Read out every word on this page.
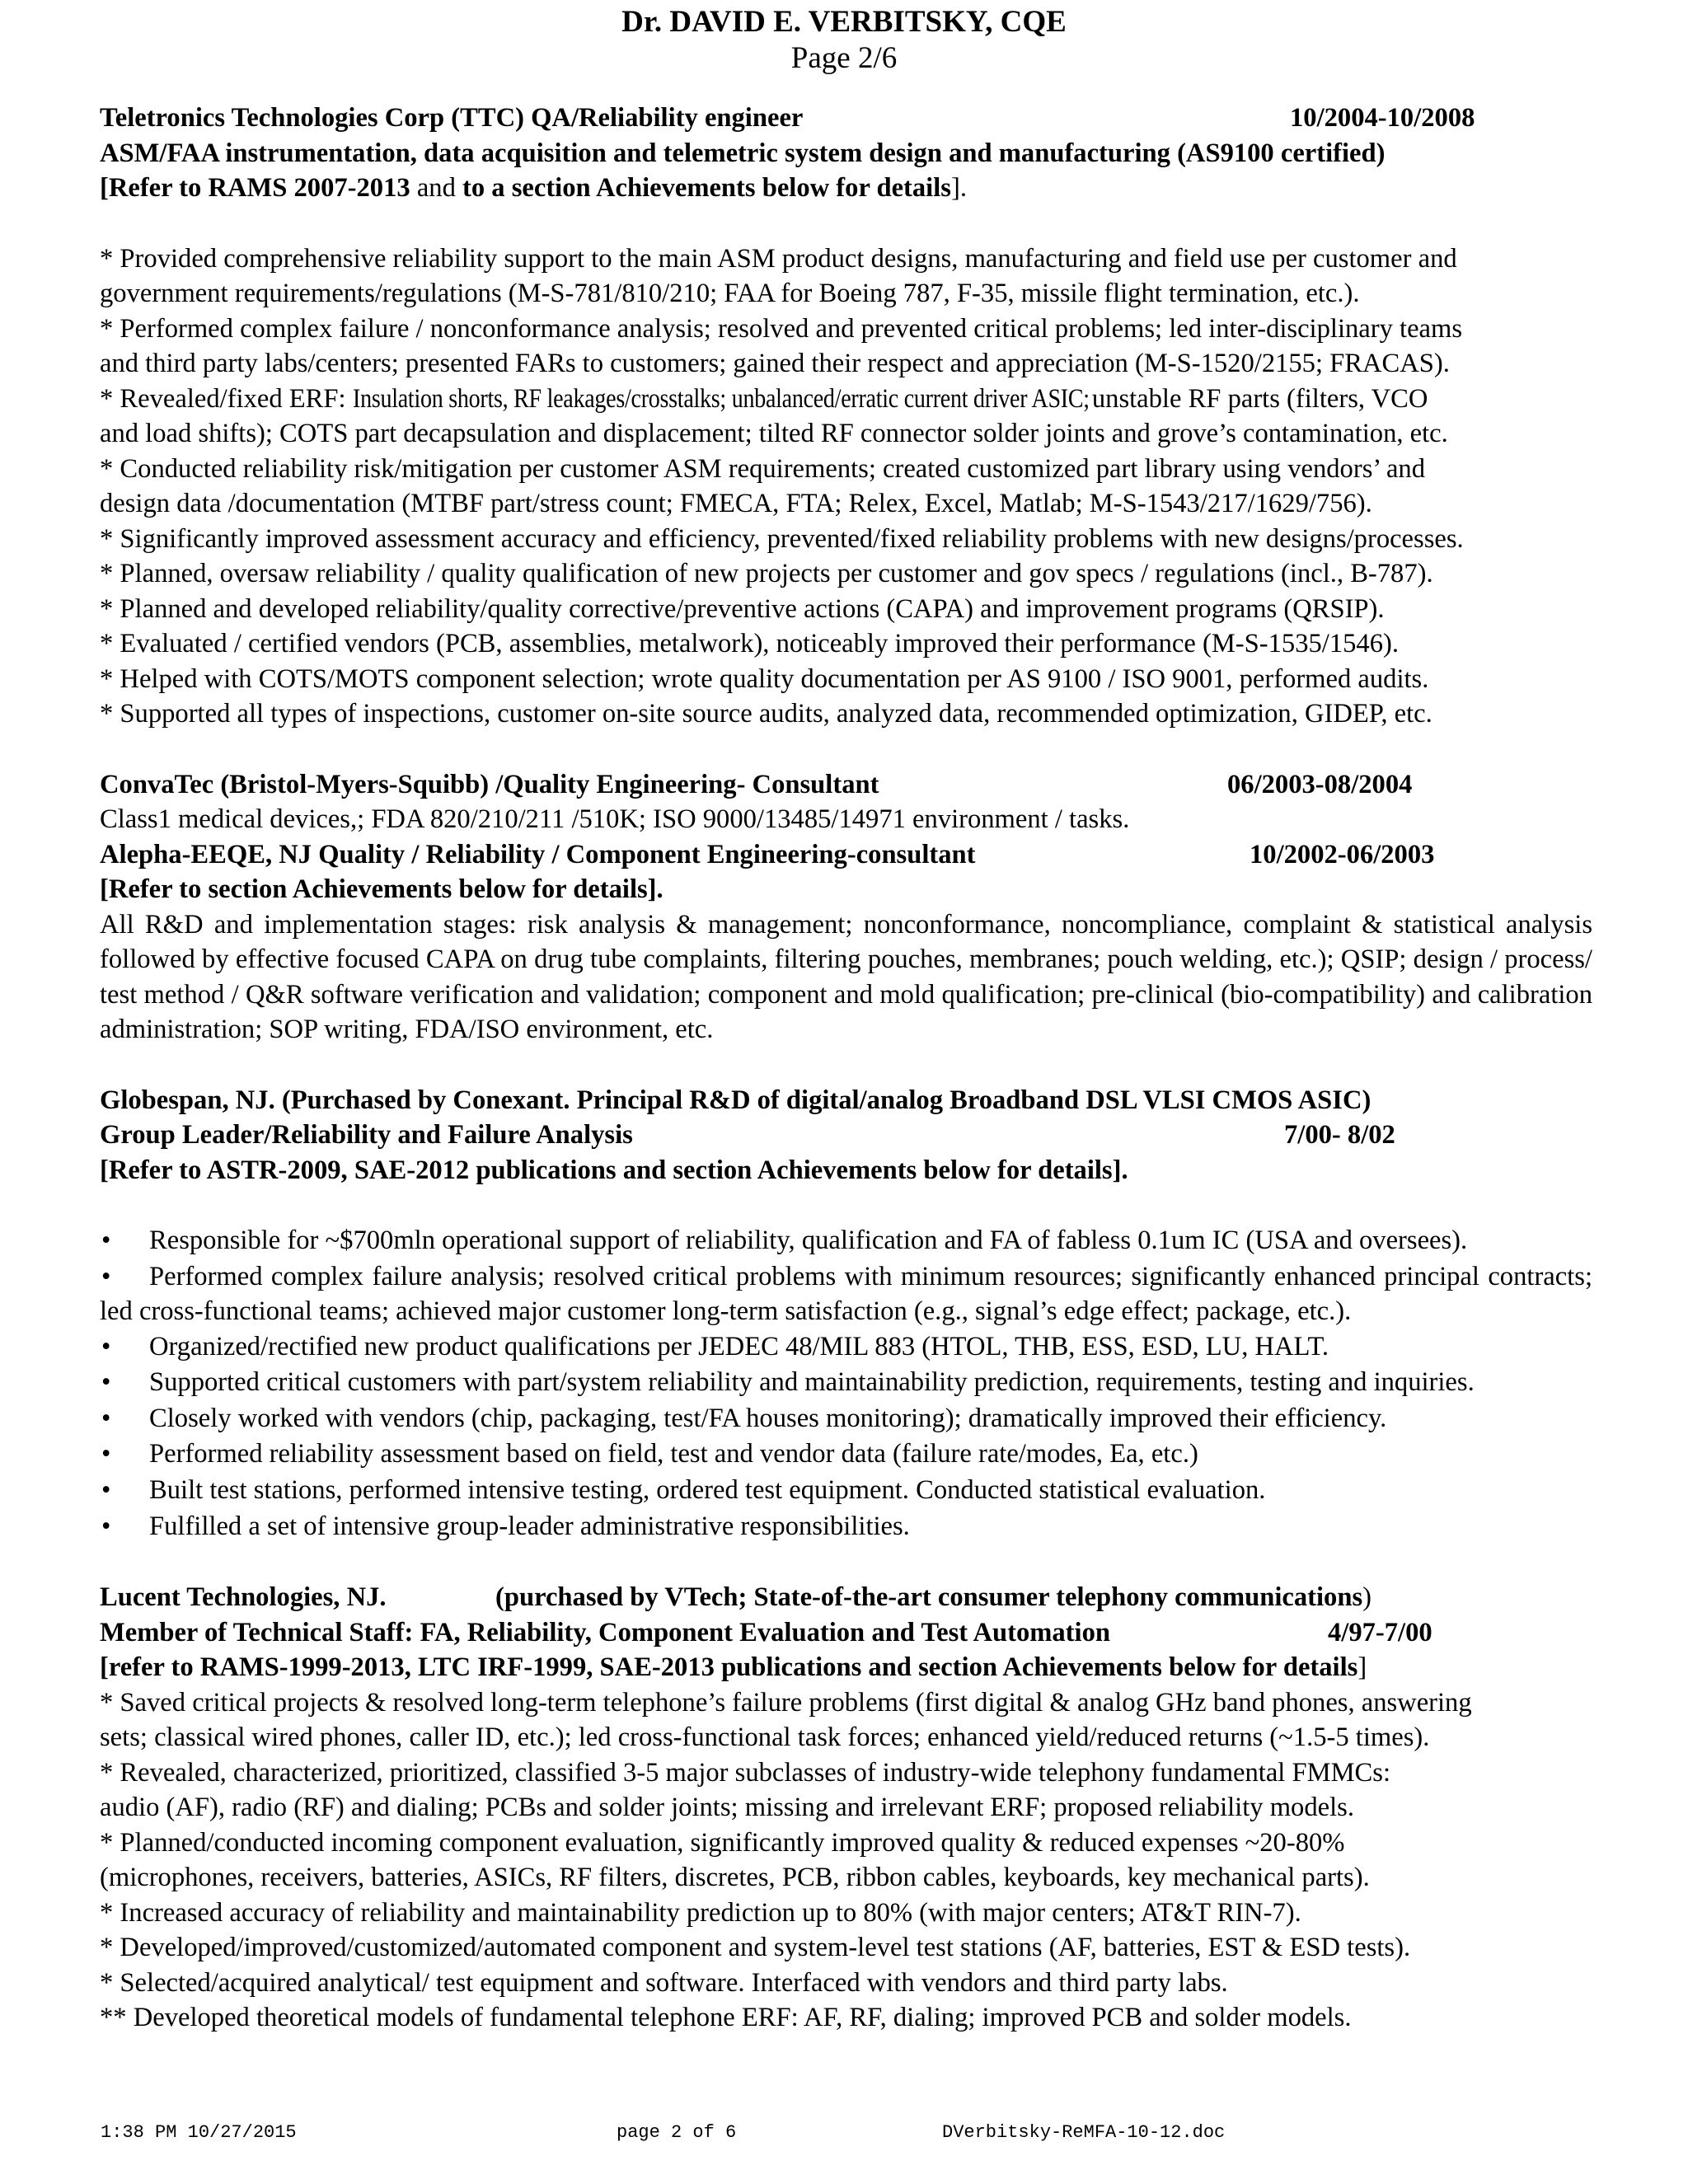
Dr. DAVID E. VERBITSKY, CQE
Page 2/6
Teletronics Technologies Corp (TTC) QA/Reliability engineer	10/2004-10/2008
ASM/FAA instrumentation, data acquisition and telemetric system design and manufacturing (AS9100 certified)
[Refer to RAMS 2007-2013 and to a section Achievements below for details].
* Provided comprehensive reliability support to the main ASM product designs, manufacturing and field use per customer and
government requirements/regulations (M-S-781/810/210; FAA for Boeing 787, F-35, missile flight termination, etc.).
* Performed complex failure / nonconformance analysis; resolved and prevented critical problems; led inter-disciplinary teams
and third party labs/centers; presented FARs to customers; gained their respect and appreciation (M-S-1520/2155; FRACAS).
* Revealed/fixed ERF: Insulation shorts, RF leakages/crosstalks; unbalanced/erratic current driver ASIC; unstable RF parts (filters, VCO
and load shifts); COTS part decapsulation and displacement; tilted RF connector solder joints and grove’s contamination, etc.
* Conducted reliability risk/mitigation per customer ASM requirements; created customized part library using vendors’ and
design data /documentation (MTBF part/stress count; FMECA, FTA; Relex, Excel, Matlab; M-S-1543/217/1629/756).
* Significantly improved assessment accuracy and efficiency, prevented/fixed reliability problems with new designs/processes.
* Planned, oversaw reliability / quality qualification of new projects per customer and gov specs / regulations (incl., B-787).
* Planned and developed reliability/quality corrective/preventive actions (CAPA) and improvement programs (QRSIP).
* Evaluated / certified vendors (PCB, assemblies, metalwork), noticeably improved their performance (M-S-1535/1546).
* Helped with COTS/MOTS component selection; wrote quality documentation per AS 9100 / ISO 9001, performed audits.
* Supported all types of inspections, customer on-site source audits, analyzed data, recommended optimization, GIDEP, etc.
ConvaTec (Bristol-Myers-Squibb) /Quality Engineering- Consultant	06/2003-08/2004
Class1 medical devices,; FDA 820/210/211 /510K; ISO 9000/13485/14971 environment / tasks.
Alepha-EEQE, NJ Quality / Reliability / Component Engineering-consultant	10/2002-06/2003
[Refer to section Achievements below for details].

All R&D and implementation stages: risk analysis & management; nonconformance, noncompliance, complaint & statistical analysis followed by effective focused CAPA on drug tube complaints, filtering pouches, membranes; pouch welding, etc.); QSIP; design / process/ test method / Q&R software verification and validation; component and mold qualification; pre-clinical (bio-compatibility) and calibration administration; SOP writing, FDA/ISO environment, etc.

Globespan, NJ. (Purchased by Conexant. Principal R&D of digital/analog Broadband DSL VLSI CMOS ASIC)
Group Leader/Reliability and Failure Analysis	7/00- 8/02
[Refer to ASTR-2009, SAE-2012 publications and section Achievements below for details].
• Responsible for ~$700mln operational support of reliability, qualification and FA of fabless 0.1um IC (USA and oversees).
• Performed complex failure analysis; resolved critical problems with minimum resources; significantly enhanced principal contracts; led cross-functional teams; achieved major customer long-term satisfaction (e.g., signal’s edge effect; package, etc.).
• Organized/rectified new product qualifications per JEDEC 48/MIL 883 (HTOL, THB, ESS, ESD, LU, HALT.
• Supported critical customers with part/system reliability and maintainability prediction, requirements, testing and inquiries.
• Closely worked with vendors (chip, packaging, test/FA houses monitoring); dramatically improved their efficiency.
• Performed reliability assessment based on field, test and vendor data (failure rate/modes, Ea, etc.)
• Built test stations, performed intensive testing, ordered test equipment. Conducted statistical evaluation.
• Fulfilled a set of intensive group-leader administrative responsibilities.
Lucent Technologies, NJ.	(purchased by VTech; State-of-the-art consumer telephony communications)
Member of Technical Staff: FA, Reliability, Component Evaluation and Test Automation	4/97-7/00
[refer to RAMS-1999-2013, LTC IRF-1999, SAE-2013 publications and section Achievements below for details]
* Saved critical projects & resolved long-term telephone’s failure problems (first digital & analog GHz band phones, answering
sets; classical wired phones, caller ID, etc.); led cross-functional task forces; enhanced yield/reduced returns (~1.5-5 times).
* Revealed, characterized, prioritized, classified 3-5 major subclasses of industry-wide telephony fundamental FMMCs:
audio (AF), radio (RF) and dialing; PCBs and solder joints; missing and irrelevant ERF; proposed reliability models.
* Planned/conducted incoming component evaluation, significantly improved quality & reduced expenses ~20-80%
(microphones, receivers, batteries, ASICs, RF filters, discretes, PCB, ribbon cables, keyboards, key mechanical parts).
* Increased accuracy of reliability and maintainability prediction up to 80% (with major centers; AT&T RIN-7).
* Developed/improved/customized/automated component and system-level test stations (AF, batteries, EST & ESD tests).
* Selected/acquired analytical/ test equipment and software. Interfaced with vendors and third party labs.
** Developed theoretical models of fundamental telephone ERF: AF, RF, dialing; improved PCB and solder models.
1:38 PM 10/27/2015	page 2 of 6	DVerbitsky-ReMFA-10-12.doc
